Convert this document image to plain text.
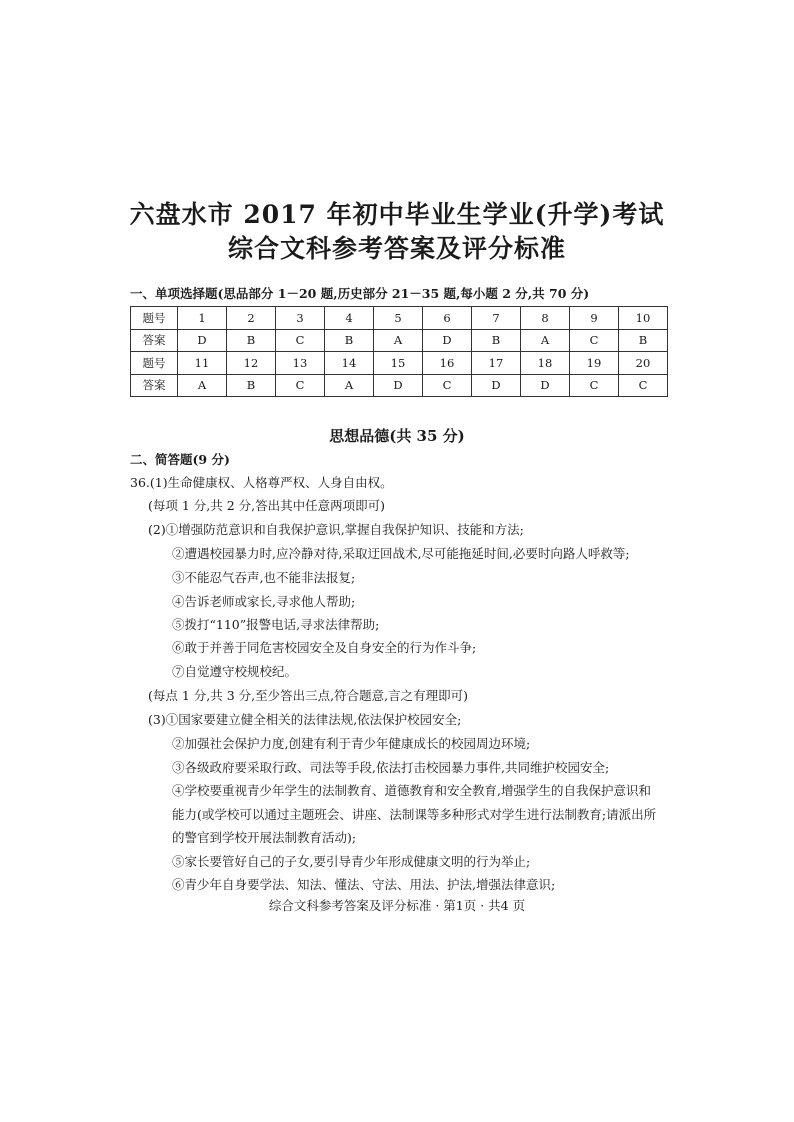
六盘水市 2017 年初中毕业生学业(升学)考试
综合文科参考答案及评分标准
一、单项选择题(思品部分 1－20 题,历史部分 21－35 题,每小题 2 分,共 70 分)
题号	1	2	3	4	5	6	7	8	9	10
答案	D	B	C	B	A	D	B	A	C	B
题号	11	12	13	14	15	16	17	18	19	20
答案	A	B	C	A	D	C	D	D	C	C
思想品德(共 35 分)
二、简答题(9 分)
36.(1)生命健康权、人格尊严权、人身自由权。
(每项 1 分,共 2 分,答出其中任意两项即可)
(2)①增强防范意识和自我保护意识,掌握自我保护知识、技能和方法;
②遭遇校园暴力时,应冷静对待,采取迂回战术,尽可能拖延时间,必要时向路人呼救等;
③不能忍气吞声,也不能非法报复;
④告诉老师或家长,寻求他人帮助;
⑤拨打“110”报警电话,寻求法律帮助;
⑥敢于并善于同危害校园安全及自身安全的行为作斗争;
⑦自觉遵守校规校纪。
(每点 1 分,共 3 分,至少答出三点,符合题意,言之有理即可)
(3)①国家要建立健全相关的法律法规,依法保护校园安全;
②加强社会保护力度,创建有利于青少年健康成长的校园周边环境;
③各级政府要采取行政、司法等手段,依法打击校园暴力事件,共同维护校园安全;
④学校要重视青少年学生的法制教育、道德教育和安全教育,增强学生的自我保护意识和
能力(或学校可以通过主题班会、讲座、法制课等多种形式对学生进行法制教育;请派出所
的警官到学校开展法制教育活动);
⑤家长要管好自己的子女,要引导青少年形成健康文明的行为举止;
⑥青少年自身要学法、知法、懂法、守法、用法、护法,增强法律意识;
综合文科参考答案及评分标准 · 第1页 · 共4 页
